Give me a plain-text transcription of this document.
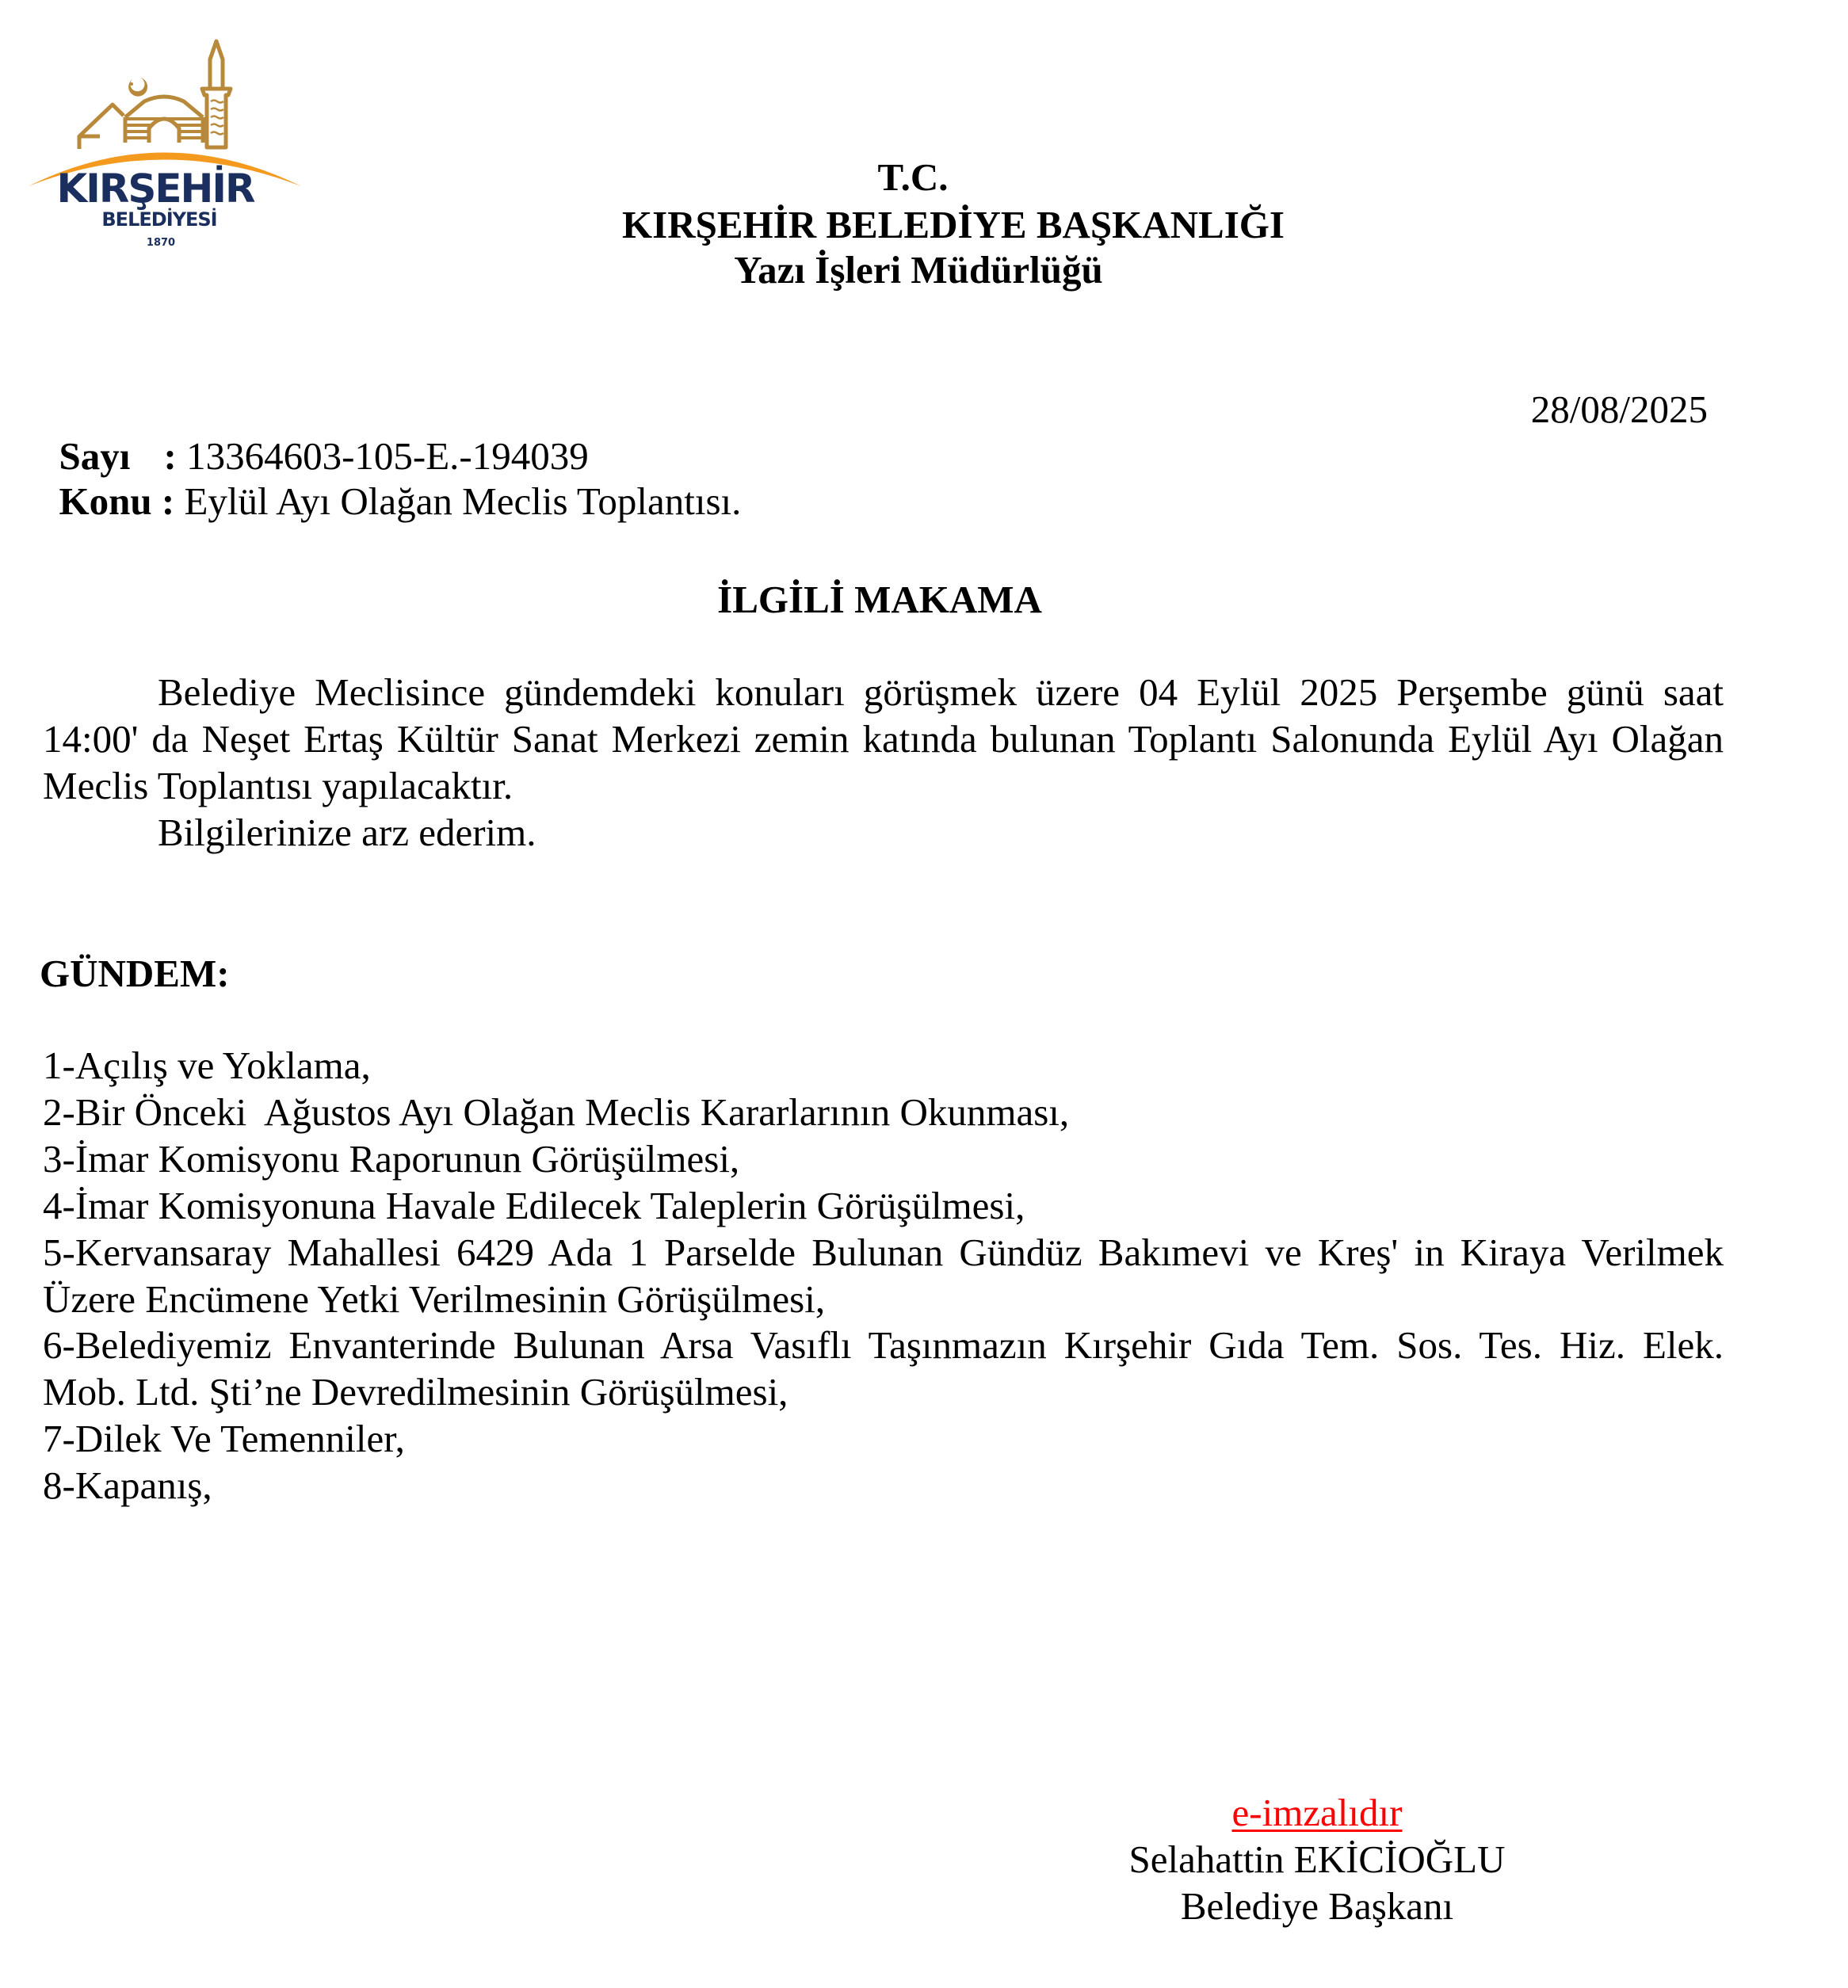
KIRŞEHİR
BELEDİYESİ
1870
T.C.
KIRŞEHİR BELEDİYE BAŞKANLIĞI
Yazı İşleri Müdürlüğü

Sayı : 13364603-105-E.-194039

Konu : Eylül Ayı Olağan Meclis Toplantısı.

28/08/2025
İLGİLİ MAKAMA

Belediye Meclisince gündemdeki konuları görüşmek üzere 04 Eylül 2025 Perşembe günü saat 14:00' da Neşet Ertaş Kültür Sanat Merkezi zemin katında bulunan Toplantı Salonunda Eylül Ayı Olağan Meclis Toplantısı yapılacaktır.

Bilgilerinize arz ederim.

GÜNDEM:
1-Açılış ve Yoklama,
2-Bir Önceki  Ağustos Ayı Olağan Meclis Kararlarının Okunması,
3-İmar Komisyonu Raporunun Görüşülmesi,
4-İmar Komisyonuna Havale Edilecek Taleplerin Görüşülmesi,
5-Kervansaray Mahallesi 6429 Ada 1 Parselde Bulunan Gündüz Bakımevi ve Kreş' in Kiraya Verilmek Üzere Encümene Yetki Verilmesinin Görüşülmesi,
6-Belediyemiz Envanterinde Bulunan Arsa Vasıflı Taşınmazın Kırşehir Gıda Tem. Sos. Tes. Hiz. Elek. Mob. Ltd. Şti’ne Devredilmesinin Görüşülmesi,
7-Dilek Ve Temenniler,
8-Kapanış,
e-imzalıdır
Selahattin EKİCİOĞLU
Belediye Başkanı
